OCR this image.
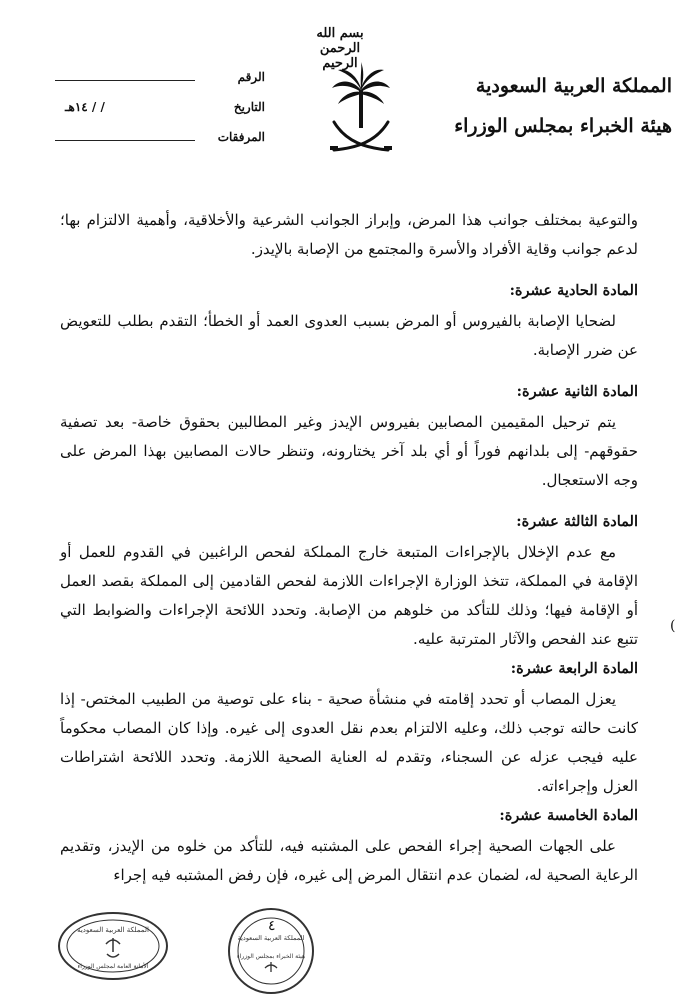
بسم الله الرحمن الرحيم
المملكة العربية السعودية
هيئة الخبراء بمجلس الوزراء
الرقم
التاريخ
/ / ١٤هـ
المرفقات

والتوعية بمختلف جوانب هذا المرض، وإبراز الجوانب الشرعية والأخلاقية، وأهمية الالتزام بها؛ لدعم جوانب وقاية الأفراد والأسرة والمجتمع من الإصابة بالإيدز.

المادة الحادية عشرة:

لضحايا الإصابة بالفيروس أو المرض بسبب العدوى العمد أو الخطأ؛ التقدم بطلب للتعويض عن ضرر الإصابة.

المادة الثانية عشرة:

يتم ترحيل المقيمين المصابين بفيروس الإيدز وغير المطالبين بحقوق خاصة- بعد تصفية حقوقهم- إلى بلدانهم فوراً أو أي بلد آخر يختارونه، وتنظر حالات المصابين بهذا المرض على وجه الاستعجال.

المادة الثالثة عشرة:

مع عدم الإخلال بالإجراءات المتبعة خارج المملكة لفحص الراغبين في القدوم للعمل أو الإقامة في المملكة، تتخذ الوزارة الإجراءات اللازمة لفحص القادمين إلى المملكة بقصد العمل أو الإقامة فيها؛ وذلك للتأكد من خلوهم من الإصابة. وتحدد اللائحة الإجراءات والضوابط التي تتبع عند الفحص والآثار المترتبة عليه.

المادة الرابعة عشرة:

يعزل المصاب أو تحدد إقامته في منشأة صحية - بناء على توصية من الطبيب المختص- إذا كانت حالته توجب ذلك، وعليه الالتزام بعدم نقل العدوى إلى غيره. وإذا كان المصاب محكوماً عليه فيجب عزله عن السجناء، وتقدم له العناية الصحية اللازمة. وتحدد اللائحة اشتراطات العزل وإجراءاته.

المادة الخامسة عشرة:

على الجهات الصحية إجراء الفحص على المشتبه فيه، للتأكد من خلوه من الإيدز، وتقديم الرعاية الصحية له، لضمان عدم انتقال المرض إلى غيره، فإن رفض المشتبه فيه إجراء

(
٤
المملكة العربية السعودية
الأمانة العامة لمجلس الوزراء
المملكة العربية السعودية
هيئة الخبراء بمجلس الوزراء
